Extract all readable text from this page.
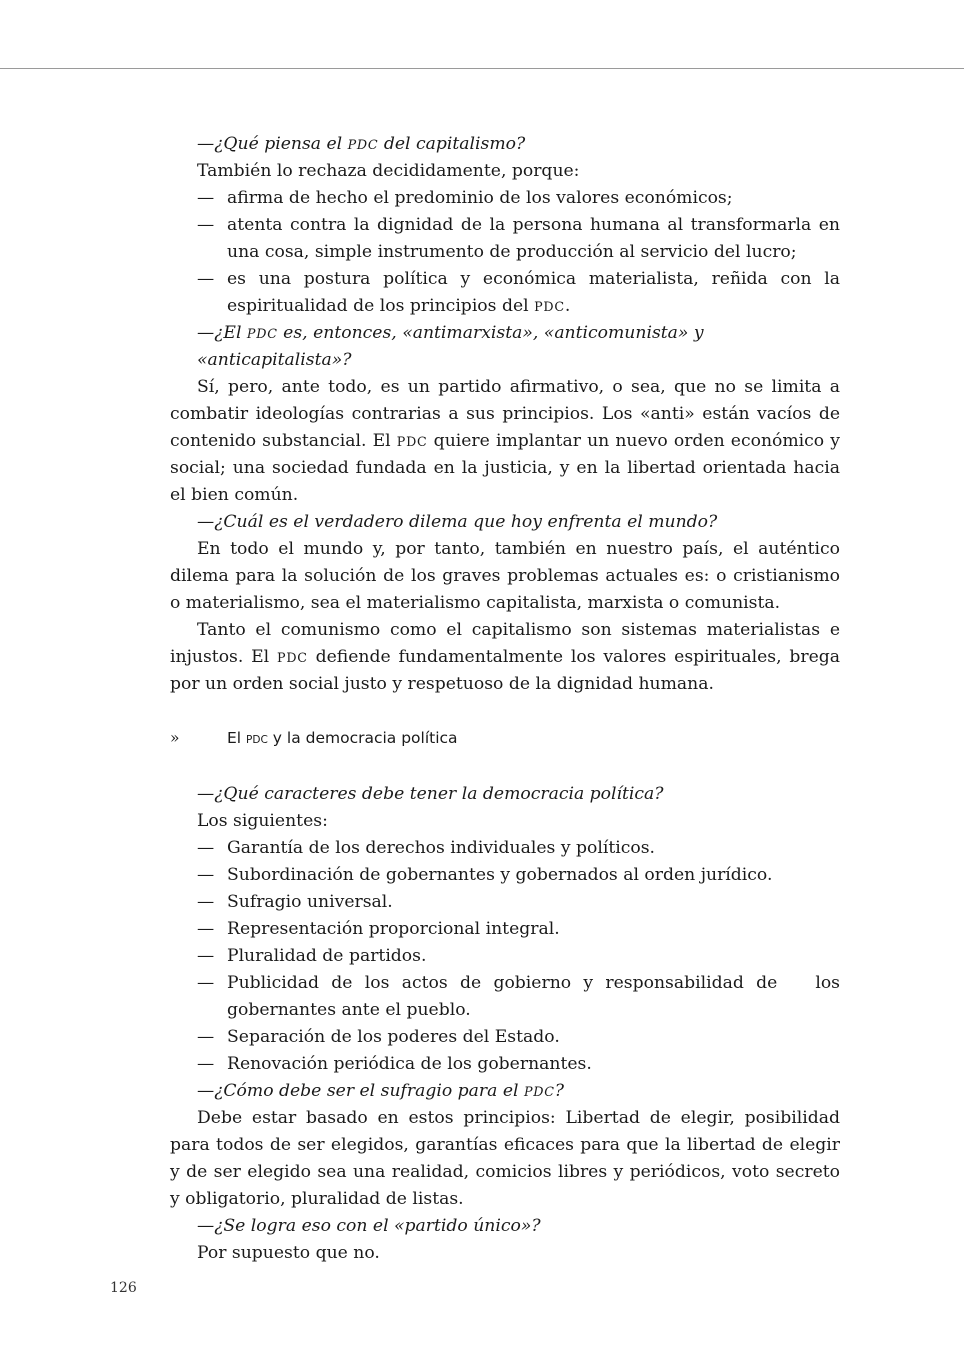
—¿Qué piensa el PDC del capitalismo?

También lo rechaza decididamente, porque:

— afirma de hecho el predominio de los valores económicos;

— atenta contra la dignidad de la persona humana al transformarla en una cosa, simple instrumento de producción al servicio del lucro;

— es una postura política y económica materialista, reñida con la espiritualidad de los principios del PDC.

—¿El PDC es, entonces, «antimarxista», «anticomunista» y «anticapitalista»?

Sí, pero, ante todo, es un partido afirmativo, o sea, que no se limita a combatir ideologías contrarias a sus principios. Los «anti» están vacíos de contenido substancial. El PDC quiere implantar un nuevo orden económico y social; una sociedad fundada en la justicia, y en la libertad orientada hacia el bien común.

—¿Cuál es el verdadero dilema que hoy enfrenta el mundo?

En todo el mundo y, por tanto, también en nuestro país, el auténtico dilema para la solución de los graves problemas actuales es: o cristianismo o materialismo, sea el materialismo capitalista, marxista o comunista.

Tanto el comunismo como el capitalismo son sistemas materialistas e injustos. El PDC defiende fundamentalmente los valores espirituales, brega por un orden social justo y respetuoso de la dignidad humana.

»	El PDC y la democracia política

—¿Qué caracteres debe tener la democracia política?

Los siguientes:

— Garantía de los derechos individuales y políticos.

— Subordinación de gobernantes y gobernados al orden jurídico.

— Sufragio universal.

— Representación proporcional integral.

— Pluralidad de partidos.

— Publicidad de los actos de gobierno y responsabilidad de los gobernantes ante el pueblo.

— Separación de los poderes del Estado.

— Renovación periódica de los gobernantes.

—¿Cómo debe ser el sufragio para el PDC?

Debe estar basado en estos principios: Libertad de elegir, posibilidad para todos de ser elegidos, garantías eficaces para que la libertad de elegir y de ser elegido sea una realidad, comicios libres y periódicos, voto secreto y obligatorio, pluralidad de listas.

—¿Se logra eso con el «partido único»?

Por supuesto que no.

126
